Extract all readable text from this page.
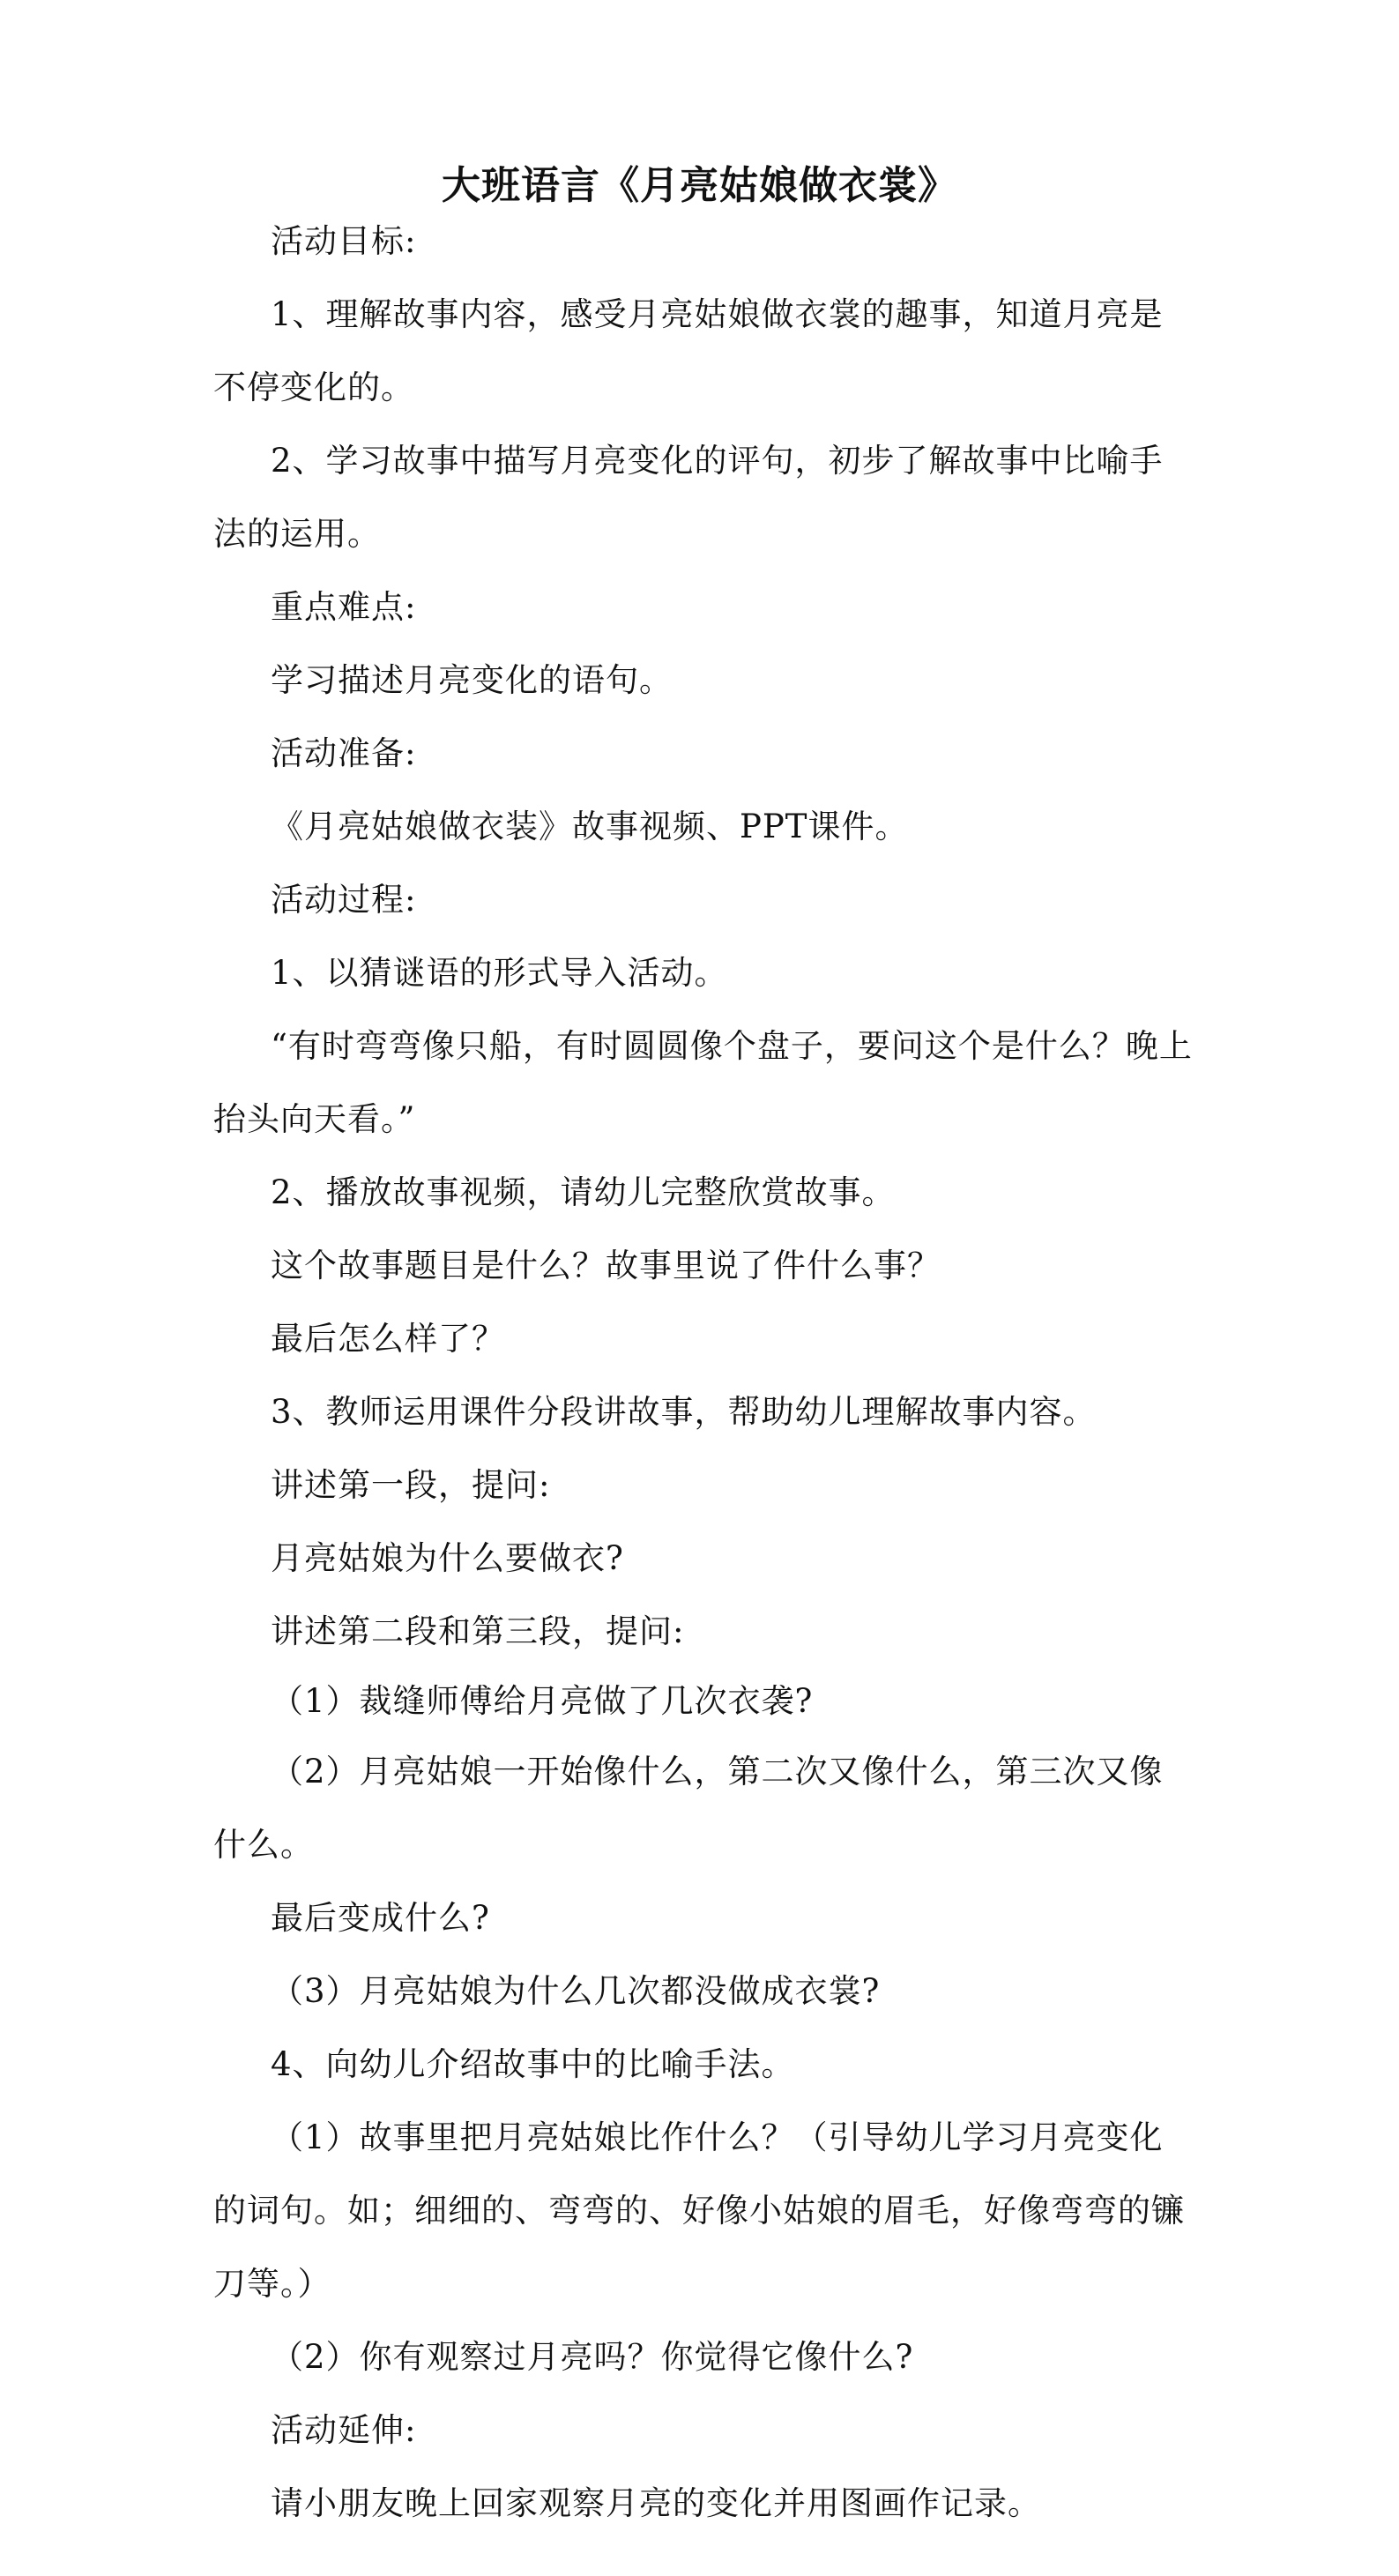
大班语言《月亮姑娘做衣裳》

活动目标:

1、理解故事内容，感受月亮姑娘做衣裳的趣事，知道月亮是不停变化的。

2、学习故事中描写月亮变化的评句，初步了解故事中比喻手法的运用。

重点难点:

学习描述月亮变化的语句。

活动准备:

《月亮姑娘做衣装》故事视频、PPT课件。

活动过程:

1、以猜谜语的形式导入活动。

“有时弯弯像只船，有时圆圆像个盘子，要问这个是什么？晚上抬头向天看。”

2、播放故事视频，请幼儿完整欣赏故事。

这个故事题目是什么？故事里说了件什么事？

最后怎么样了？

3、教师运用课件分段讲故事，帮助幼儿理解故事内容。

讲述第一段，提问:

月亮姑娘为什么要做衣?

讲述第二段和第三段，提问:

（1）裁缝师傅给月亮做了几次衣袭?

（2）月亮姑娘一开始像什么，第二次又像什么，第三次又像什么。

最后变成什么?

（3）月亮姑娘为什么几次都没做成衣裳?

4、向幼儿介绍故事中的比喻手法。

（1）故事里把月亮姑娘比作什么？（引导幼儿学习月亮变化的词句。如；细细的、弯弯的、好像小姑娘的眉毛，好像弯弯的镰刀等。）

（2）你有观察过月亮吗？你觉得它像什么?

活动延伸:

请小朋友晚上回家观察月亮的变化并用图画作记录。
